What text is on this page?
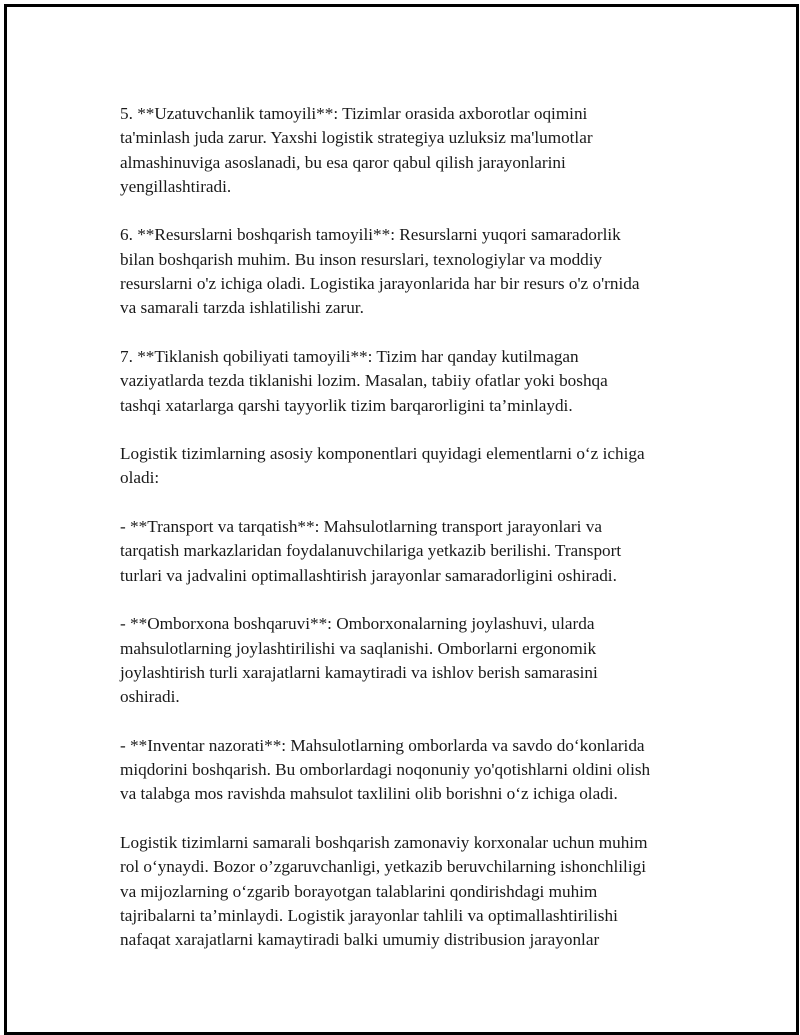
5. **Uzatuvchanlik tamoyili**: Tizimlar orasida axborotlar oqimini
ta'minlash juda zarur. Yaxshi logistik strategiya uzluksiz ma'lumotlar
almashinuviga asoslanadi, bu esa qaror qabul qilish jarayonlarini
yengillashtiradi.

6. **Resurslarni boshqarish tamoyili**: Resurslarni yuqori samaradorlik
bilan boshqarish muhim. Bu inson resurslari, texnologiylar va moddiy
resurslarni o'z ichiga oladi. Logistika jarayonlarida har bir resurs o'z o'rnida
va samarali tarzda ishlatilishi zarur.

7. **Tiklanish qobiliyati tamoyili**: Tizim har qanday kutilmagan
vaziyatlarda tezda tiklanishi lozim. Masalan, tabiiy ofatlar yoki boshqa
tashqi xatarlarga qarshi tayyorlik tizim barqarorligini ta’minlaydi.

Logistik tizimlarning asosiy komponentlari quyidagi elementlarni o‘z ichiga
oladi:

- **Transport va tarqatish**: Mahsulotlarning transport jarayonlari va
tarqatish markazlaridan foydalanuvchilariga yetkazib berilishi. Transport
turlari va jadvalini optimallashtirish jarayonlar samaradorligini oshiradi.

- **Omborxona boshqaruvi**: Omborxonalarning joylashuvi, ularda
mahsulotlarning joylashtirilishi va saqlanishi. Omborlarni ergonomik
joylashtirish turli xarajatlarni kamaytiradi va ishlov berish samarasini
oshiradi.

- **Inventar nazorati**: Mahsulotlarning omborlarda va savdo do‘konlarida
miqdorini boshqarish. Bu omborlardagi noqonuniy yo'qotishlarni oldini olish
va talabga mos ravishda mahsulot taxlilini olib borishni o‘z ichiga oladi.

Logistik tizimlarni samarali boshqarish zamonaviy korxonalar uchun muhim
rol o‘ynaydi. Bozor o’zgaruvchanligi, yetkazib beruvchilarning ishonchliligi
va mijozlarning o‘zgarib borayotgan talablarini qondirishdagi muhim
tajribalarni ta’minlaydi. Logistik jarayonlar tahlili va optimallashtirilishi
nafaqat xarajatlarni kamaytiradi balki umumiy distribusion jarayonlar
